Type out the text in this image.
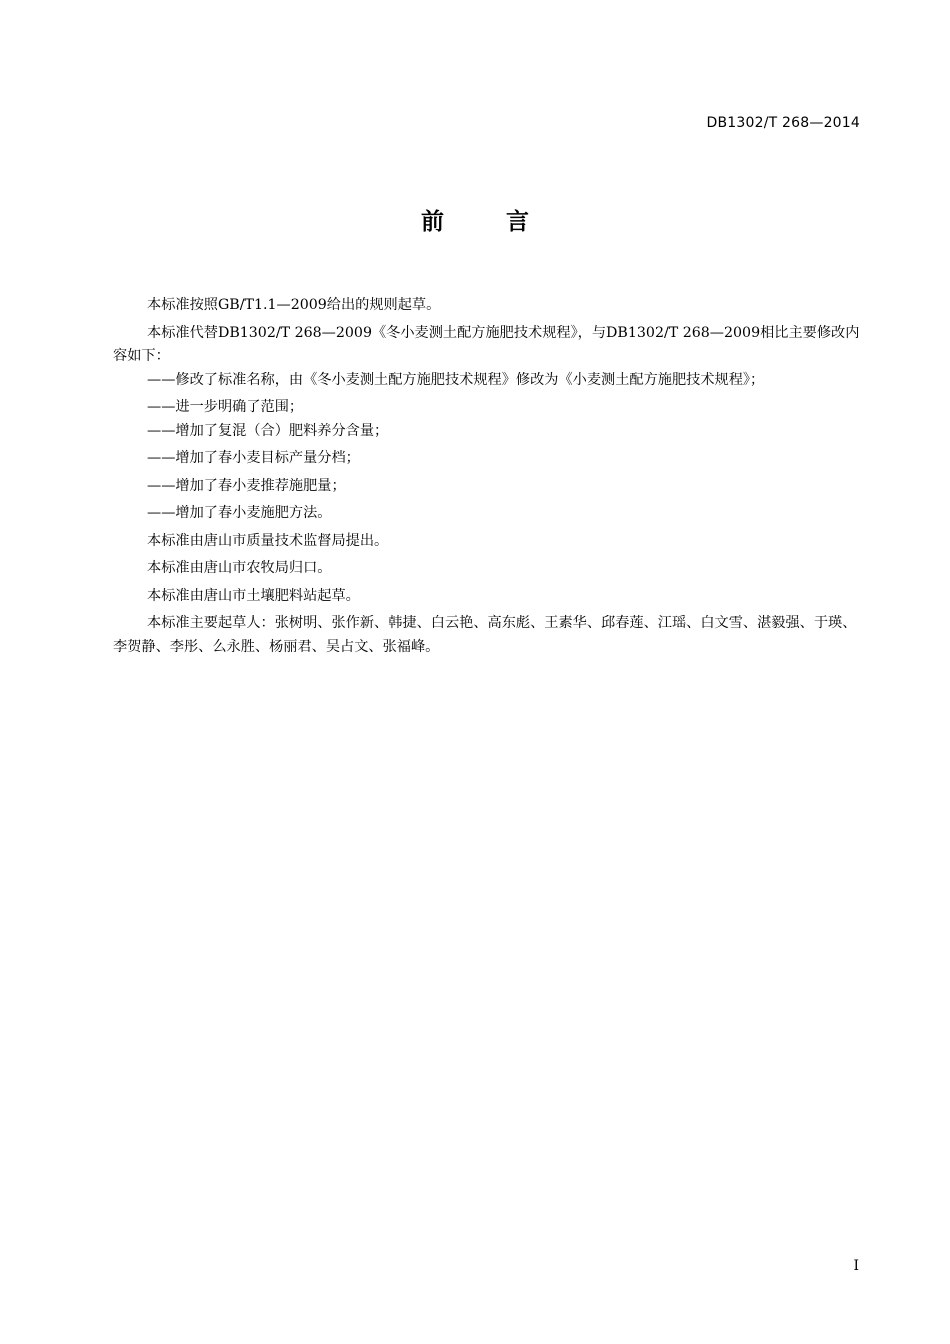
DB1302/T 268—2014
前	言

本标准按照GB/T1.1—2009给出的规则起草。

本标准代替DB1302/T 268—2009《冬小麦测土配方施肥技术规程》，与DB1302/T 268—2009相比主要修改内容如下：

——修改了标准名称，由《冬小麦测土配方施肥技术规程》修改为《小麦测土配方施肥技术规程》；

——进一步明确了范围；

——增加了复混（合）肥料养分含量；

——增加了春小麦目标产量分档；

——增加了春小麦推荐施肥量；

——增加了春小麦施肥方法。

本标准由唐山市质量技术监督局提出。

本标准由唐山市农牧局归口。

本标准由唐山市土壤肥料站起草。

本标准主要起草人：张树明、张作新、韩捷、白云艳、高东彪、王素华、邱春莲、江瑶、白文雪、湛毅强、于瑛、李贺静、李彤、么永胜、杨丽君、吴占文、张福峰。

I
